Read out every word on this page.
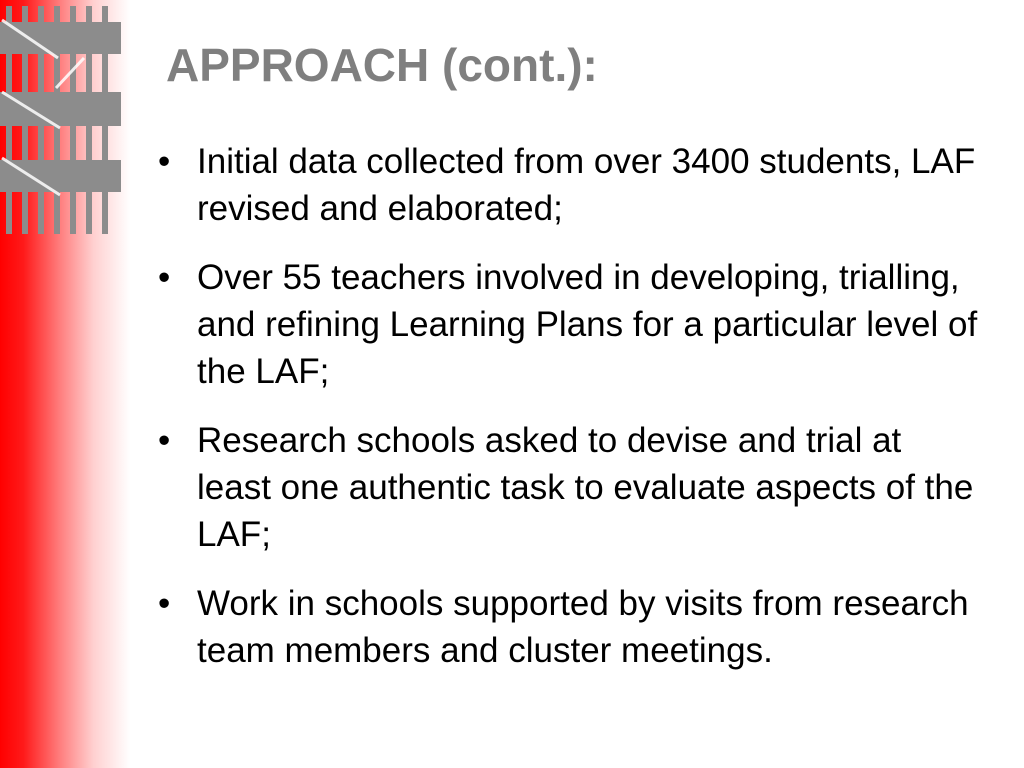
APPROACH (cont.):
• Initial data collected from over 3400 students, LAF revised and elaborated;
• Over 55 teachers involved in developing, trialling, and refining Learning Plans for a particular level of the LAF;
• Research schools asked to devise and trial at least one authentic task to evaluate aspects of the LAF;
• Work in schools supported by visits from research team members and cluster meetings.
